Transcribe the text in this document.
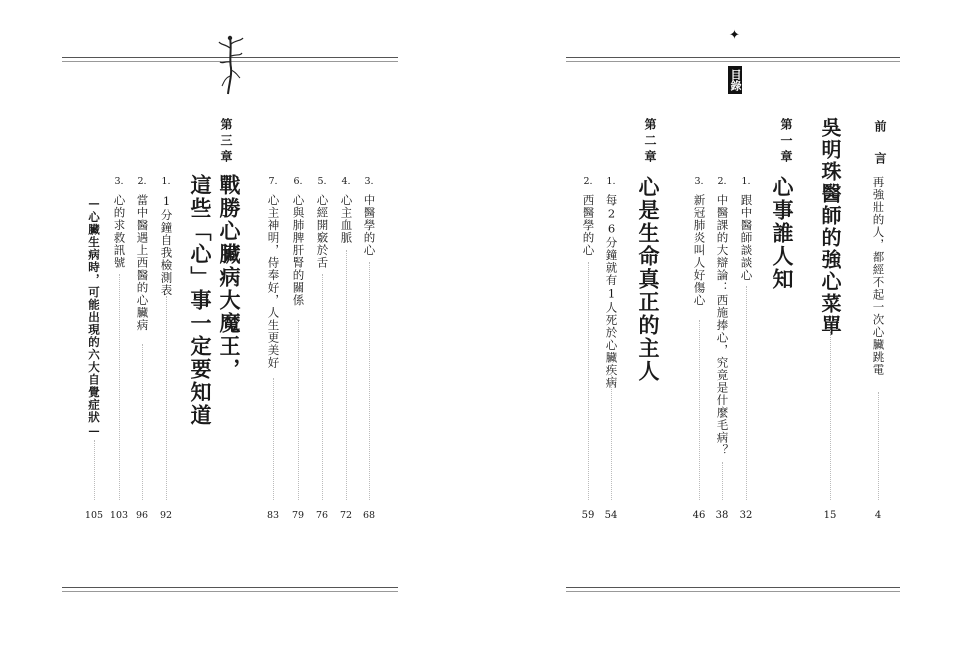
第三章
戰勝心臟病大魔王，
這些「心」事一定要知道	3.
中醫學的心
68
4.
心主血脈
72
5.
心經開竅於舌
76
6.
心與肺脾肝腎的關係
79
7.
心主神明，侍奉好，人生更美好
83
1.
1分鐘自我檢測表
92
2.
當中醫遇上西醫的心臟病
96
3.
心的求救訊號
103
—心臟生病時，可能出現的六大自覺症狀—
105
✦
目錄
前　言
再強壯的人，都經不起一次心臟跳電
4
吳明珠醫師的強心菜單
15
第一章
心事誰人知
1.
跟中醫師談談心
32
2.
中醫課的大辯論：西施捧心，究竟是什麼毛病？
38
3.
新冠肺炎叫人好傷心
46
第二章
心是生命真正的主人
1.
每26分鐘就有1人死於心臟疾病
54
2.
西醫學的心
59
